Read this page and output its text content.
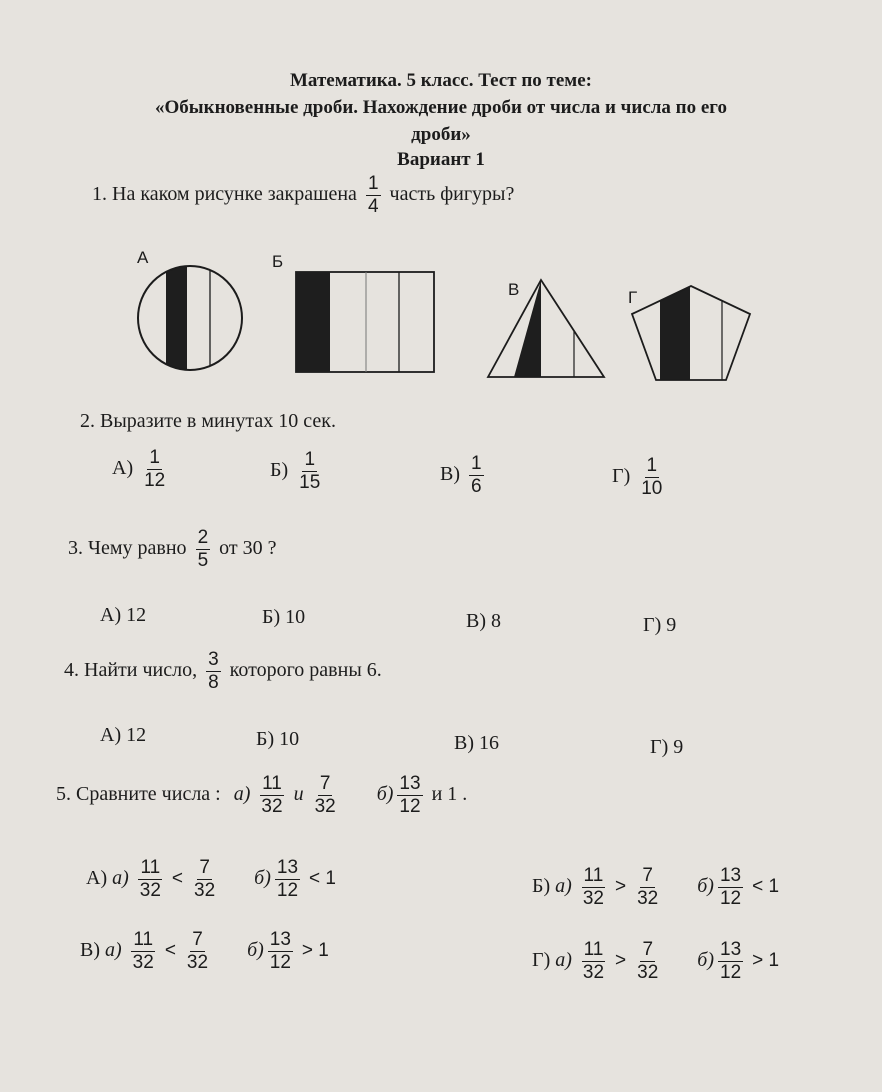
Математика. 5 класс. Тест по теме:
«Обыкновенные дроби. Нахождение дроби от числа и числа по его
дроби»
Вариант 1
1. На каком рисунке закрашена $\frac{1}{4}$ часть фигуры?
А	Б
В	Г
2. Выразите в минутах 10 сек.
$А) \frac{1}{12}$	$Б) \frac{1}{15}$	$В) \frac{1}{6}$	$Г) \frac{1}{10}$
3. Чему равно $\frac{2}{5}$ от 30 ?
А) 12	Б) 10	В) 8	Г) 9
4. Найти число, $\frac{3}{8}$ которого равны 6.
А) 12	Б) 10	В) 16	Г) 9
5. Сравните числа : $а) \frac{11}{32}$ и $\frac{7}{32} б) \frac{13}{12}$ и 1 .
А) $а) \frac{11}{32} < \frac{7}{32} б) \frac{13}{12} < 1$	Б) $а) \frac{11}{32} > \frac{7}{32} б) \frac{13}{12} < 1$
В) $а) \frac{11}{32} < \frac{7}{32} б) \frac{13}{12} > 1$	Г) $а) \frac{11}{32} > \frac{7}{32} б) \frac{13}{12} > 1$
